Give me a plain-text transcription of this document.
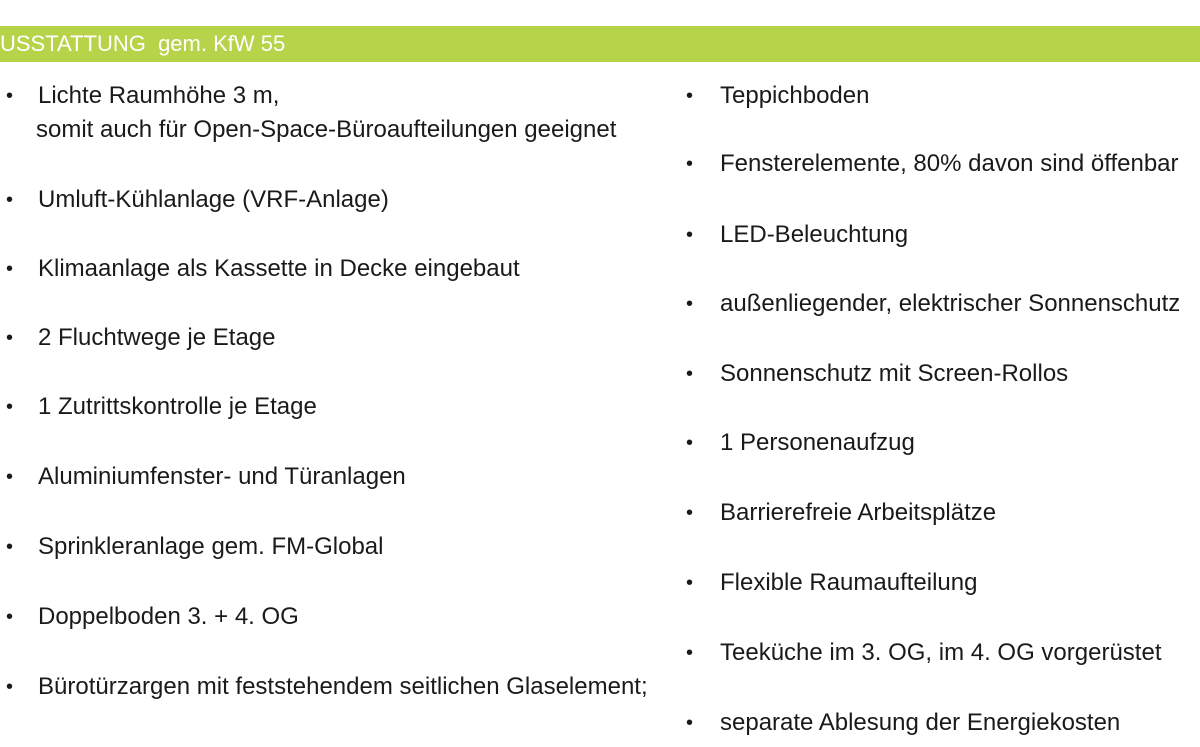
USSTATTUNG  gem. KfW 55
• Lichte Raumhöhe 3 m,
somit auch für Open-Space-Büroaufteilungen geeignet
• Umluft-Kühlanlage (VRF-Anlage)
• Klimaanlage als Kassette in Decke eingebaut
• 2 Fluchtwege je Etage
• 1 Zutrittskontrolle je Etage
• Aluminiumfenster- und Türanlagen
• Sprinkleranlage gem. FM-Global
• Doppelboden 3. + 4. OG
• Bürotürzargen mit feststehendem seitlichen Glaselement;
• Teppichboden
• Fensterelemente, 80% davon sind öffenbar
• LED-Beleuchtung
• außenliegender, elektrischer Sonnenschutz
• Sonnenschutz mit Screen-Rollos
• 1 Personenaufzug
• Barrierefreie Arbeitsplätze
• Flexible Raumaufteilung
• Teeküche im 3. OG, im 4. OG vorgerüstet
• separate Ablesung der Energiekosten
